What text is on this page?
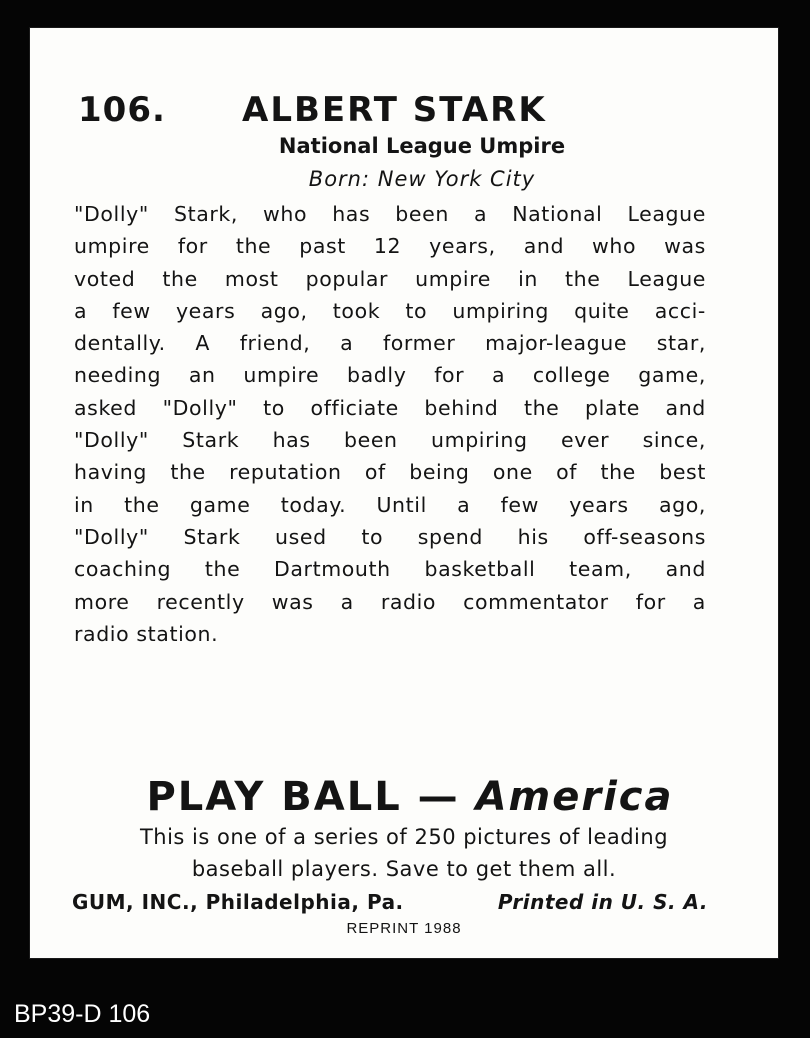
106. ALBERT STARK
National League Umpire
Born: New York City
"Dolly" Stark, who has been a National League
umpire for the past 12 years, and who was
voted the most popular umpire in the League
a few years ago, took to umpiring quite acci-
dentally. A friend, a former major-league star,
needing an umpire badly for a college game,
asked "Dolly" to officiate behind the plate and
"Dolly" Stark has been umpiring ever since,
having the reputation of being one of the best
in the game today. Until a few years ago,
"Dolly" Stark used to spend his off-seasons
coaching the Dartmouth basketball team, and
more recently was a radio commentator for a
radio station.
PLAY BALL — America
This is one of a series of 250 pictures of leading
baseball players. Save to get them all.
GUM, INC., Philadelphia, Pa.	Printed in U. S. A.
REPRINT 1988
BP39-D 106
